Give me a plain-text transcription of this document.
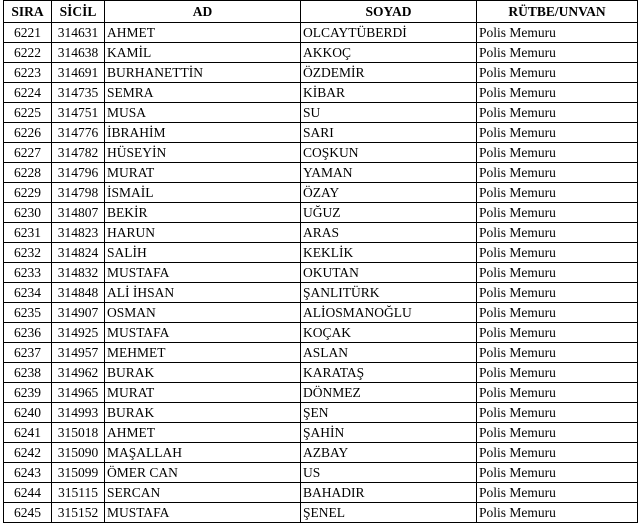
SIRA	SİCİL	AD	SOYAD	RÜTBE/UNVAN
6221	314631	AHMET	OLCAYTÜBERDİ	Polis Memuru
6222	314638	KAMİL	AKKOÇ	Polis Memuru
6223	314691	BURHANETTİN	ÖZDEMİR	Polis Memuru
6224	314735	SEMRA	KİBAR	Polis Memuru
6225	314751	MUSA	SU	Polis Memuru
6226	314776	İBRAHİM	SARI	Polis Memuru
6227	314782	HÜSEYİN	COŞKUN	Polis Memuru
6228	314796	MURAT	YAMAN	Polis Memuru
6229	314798	İSMAİL	ÖZAY	Polis Memuru
6230	314807	BEKİR	UĞUZ	Polis Memuru
6231	314823	HARUN	ARAS	Polis Memuru
6232	314824	SALİH	KEKLİK	Polis Memuru
6233	314832	MUSTAFA	OKUTAN	Polis Memuru
6234	314848	ALİ İHSAN	ŞANLITÜRK	Polis Memuru
6235	314907	OSMAN	ALİOSMANOĞLU	Polis Memuru
6236	314925	MUSTAFA	KOÇAK	Polis Memuru
6237	314957	MEHMET	ASLAN	Polis Memuru
6238	314962	BURAK	KARATAŞ	Polis Memuru
6239	314965	MURAT	DÖNMEZ	Polis Memuru
6240	314993	BURAK	ŞEN	Polis Memuru
6241	315018	AHMET	ŞAHİN	Polis Memuru
6242	315090	MAŞALLAH	AZBAY	Polis Memuru
6243	315099	ÖMER CAN	US	Polis Memuru
6244	315115	SERCAN	BAHADIR	Polis Memuru
6245	315152	MUSTAFA	ŞENEL	Polis Memuru
